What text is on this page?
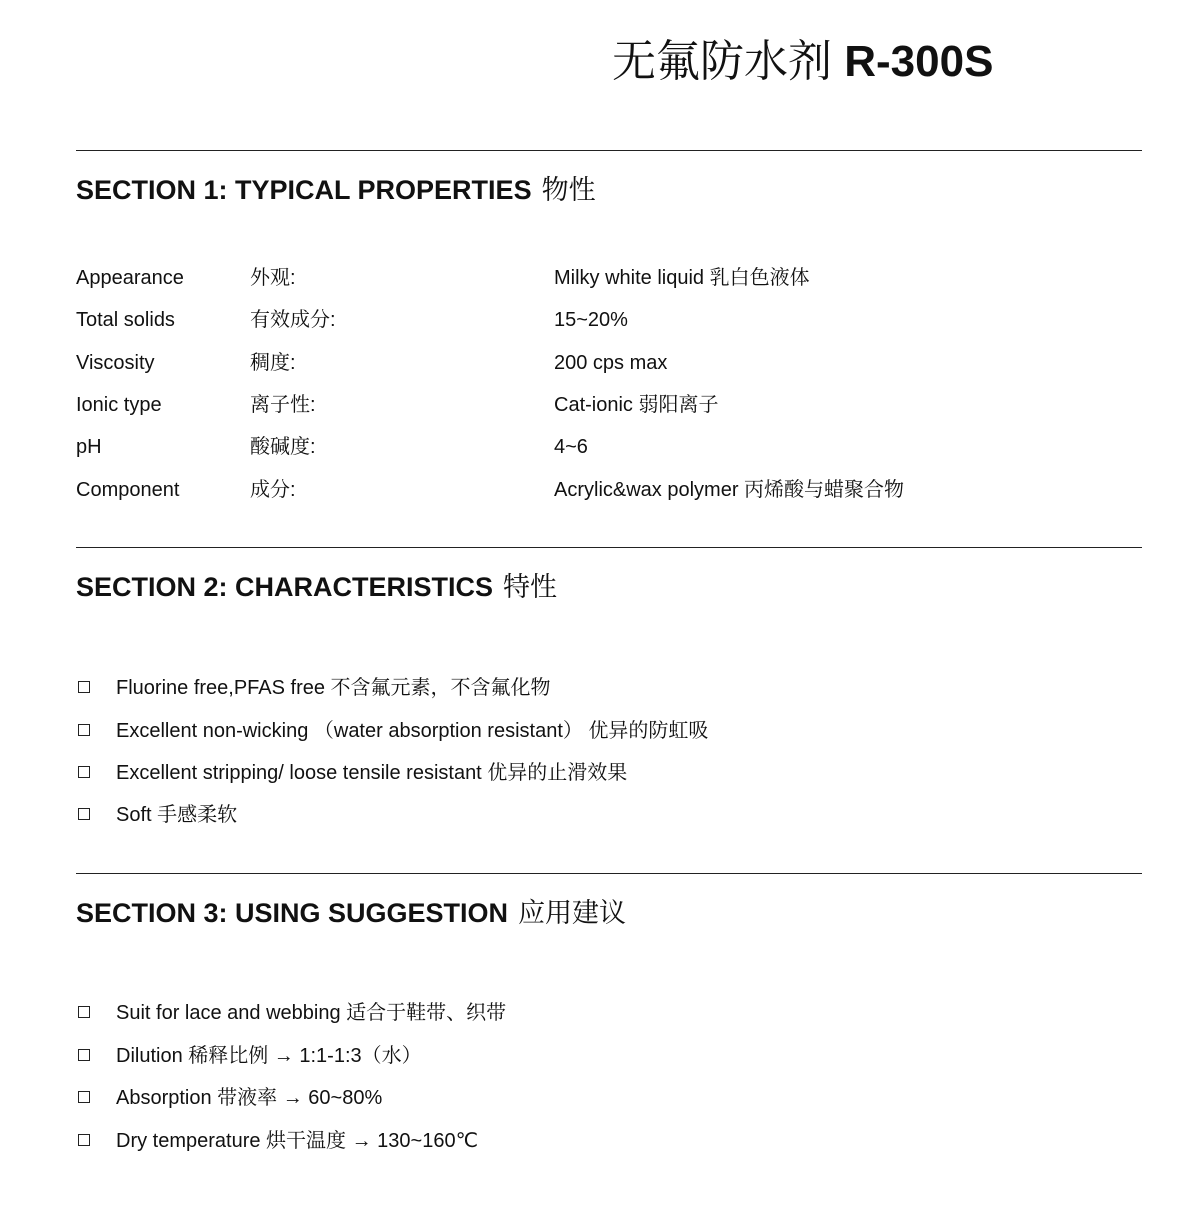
无氟防水剂 R-300S
SECTION 1: TYPICAL PROPERTIES 物性
Appearance	外观:	Milky white liquid 乳白色液体
Total solids	有效成分:	15~20%
Viscosity	稠度:	200 cps max
Ionic type	离子性:	Cat-ionic 弱阳离子
pH	酸碱度:	4~6
Component	成分:	Acrylic&wax polymer 丙烯酸与蜡聚合物
SECTION 2: CHARACTERISTICS 特性
Fluorine free,PFAS free 不含氟元素，不含氟化物
Excellent non-wicking （water absorption resistant） 优异的防虹吸
Excellent stripping/ loose tensile resistant 优异的止滑效果
Soft 手感柔软
SECTION 3: USING SUGGESTION 应用建议
Suit for lace and webbing 适合于鞋带、织带
Dilution 稀释比例 → 1:1-1:3（水）
Absorption 带液率 → 60~80%
Dry temperature 烘干温度 → 130~160℃
